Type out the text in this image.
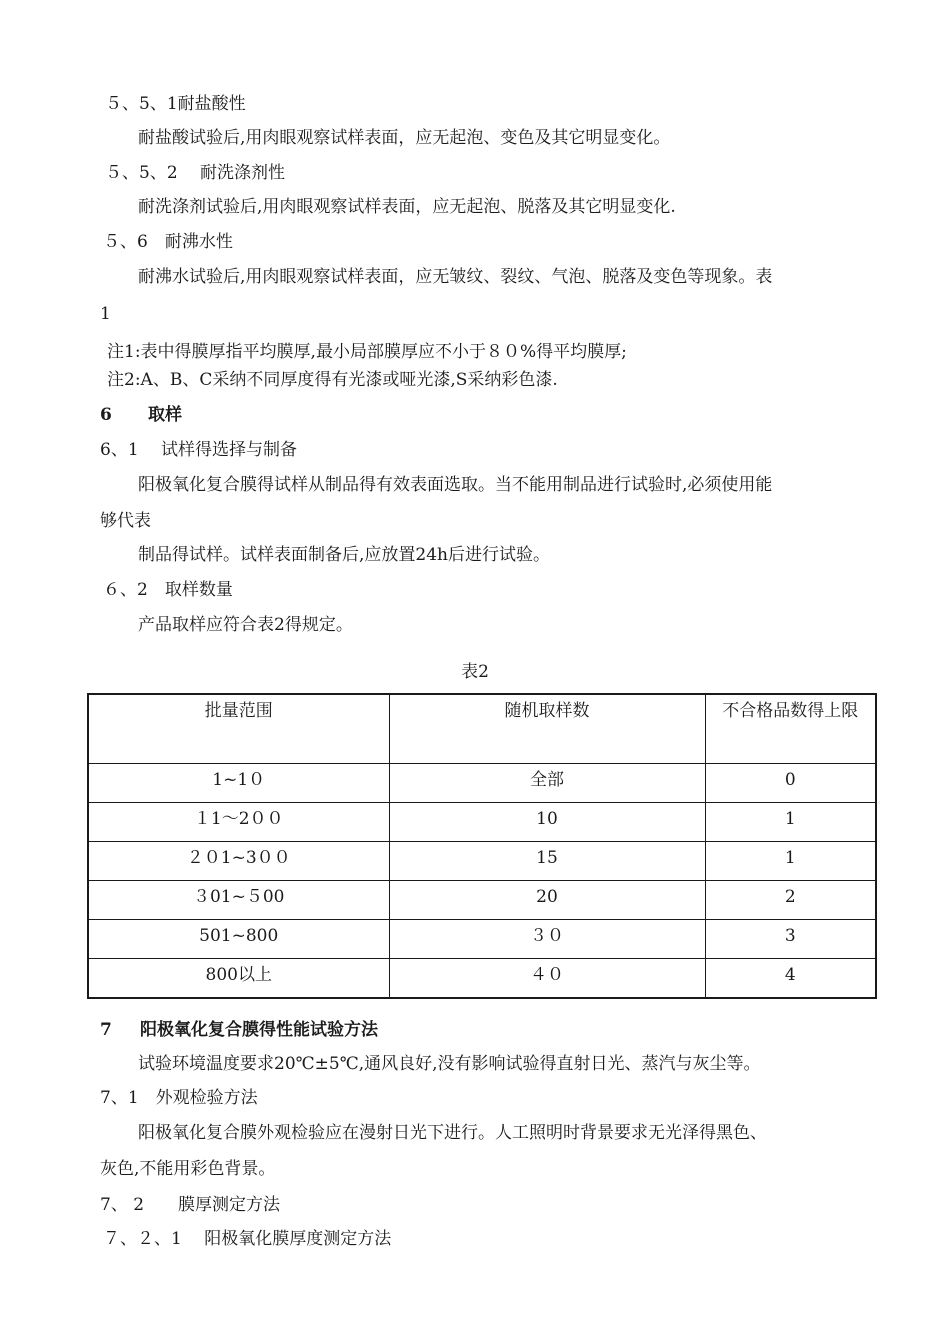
５、5、1耐盐酸性
耐盐酸试验后,用肉眼观察试样表面，应无起泡、变色及其它明显变化。
５、5、2　 耐洗涤剂性
耐洗涤剂试验后,用肉眼观察试样表面，应无起泡、脱落及其它明显变化.
５、6　耐沸水性
耐沸水试验后,用肉眼观察试样表面，应无皱纹、裂纹、气泡、脱落及变色等现象。表
1
注1:表中得膜厚指平均膜厚,最小局部膜厚应不小于８０%得平均膜厚;
注2:A、B、C采纳不同厚度得有光漆或哑光漆,S采纳彩色漆.
6 取样
6、1　 试样得选择与制备
阳极氧化复合膜得试样从制品得有效表面选取。当不能用制品进行试验时,必须使用能
够代表
制品得试样。试样表面制备后,应放置24h后进行试验。
６、2　取样数量
产品取样应符合表2得规定。
表2
批量范围	随机取样数	不合格品数得上限
1~1０	全部	0
１1～2００	10	1
２０1~3００	15	1
３01~５00	20	2
501~800	３０	3
800以上	４０	4
7 阳极氧化复合膜得性能试验方法
试验环境温度要求20℃±5℃,通风良好,没有影响试验得直射日光、蒸汽与灰尘等。
7、1　外观检验方法
阳极氧化复合膜外观检验应在漫射日光下进行。人工照明时背景要求无光泽得黑色、
灰色,不能用彩色背景。
7、 2　　膜厚测定方法
７、２、1　 阳极氧化膜厚度测定方法
